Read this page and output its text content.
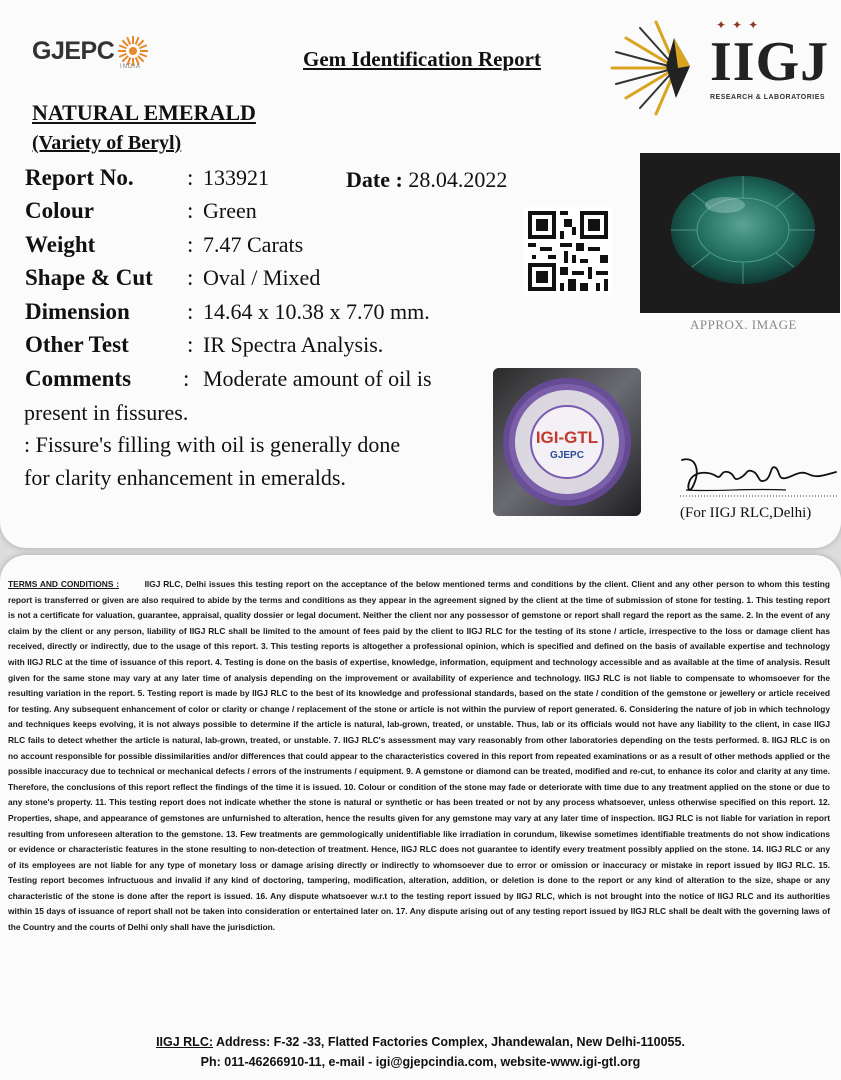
GJEPC
INDIA	Gem Identification Report
✦✦✦
IIGJ
RESEARCH & LABORATORIES
NATURAL EMERALD
(Variety of Beryl)
Report No. : 133921	Date : 28.04.2022
Colour	: Green
Weight	: 7.47 Carats
Shape & Cut : Oval / Mixed
Dimension : 14.64 x 10.38 x 7.70 mm.
Other Test	: IR Spectra Analysis.
Comments : Moderate amount of oil is
present in fissures.
: Fissure's filling with oil is generally done
for clarity enhancement in emeralds.
APPROX. IMAGE
IGI-GTL
GJEPC
(For IIGJ RLC,Delhi)
TERMS AND CONDITIONS :	IIGJ RLC, Delhi issues this testing report on the acceptance of the below mentioned terms and conditions by the client. Client and any other person to whom this testing report is transferred or given are also required to abide by the terms and conditions as they appear in the agreement signed by the client at the time of submission of stone for testing. 1. This testing report is not a certificate for valuation, guarantee, appraisal, quality dossier or legal document. Neither the client nor any possessor of gemstone or report shall regard the report as the same. 2. In the event of any claim by the client or any person, liability of IIGJ RLC shall be limited to the amount of fees paid by the client to IIGJ RLC for the testing of its stone / article, irrespective to the loss or damage client has received, directly or indirectly, due to the usage of this report. 3. This testing reports is altogether a professional opinion, which is specified and defined on the basis of available expertise and technology with IIGJ RLC at the time of issuance of this report. 4. Testing is done on the basis of expertise, knowledge, information, equipment and technology accessible and as available at the time of analysis. Result given for the same stone may vary at any later time of analysis depending on the improvement or availability of experience and technology. IIGJ RLC is not liable to compensate to whomsoever for the resulting variation in the report. 5. Testing report is made by IIGJ RLC to the best of its knowledge and professional standards, based on the state / condition of the gemstone or jewellery or article received for testing. Any subsequent enhancement of color or clarity or change / replacement of the stone or article is not within the purview of report generated. 6. Considering the nature of job in which technology and techniques keeps evolving, it is not always possible to determine if the article is natural, lab-grown, treated, or unstable. Thus, lab or its officials would not have any liability to the client, in case IIGJ RLC fails to detect whether the article is natural, lab-grown, treated, or unstable. 7. IIGJ RLC's assessment may vary reasonably from other laboratories depending on the tests performed. 8. IIGJ RLC is on no account responsible for possible dissimilarities and/or differences that could appear to the characteristics covered in this report from repeated examinations or as a result of other methods applied or the possible inaccuracy due to technical or mechanical defects / errors of the instruments / equipment. 9. A gemstone or diamond can be treated, modified and re-cut, to enhance its color and clarity at any time. Therefore, the conclusions of this report reflect the findings of the time it is issued. 10. Colour or condition of the stone may fade or deteriorate with time due to any treatment applied on the stone or due to any stone's property. 11. This testing report does not indicate whether the stone is natural or synthetic or has been treated or not by any process whatsoever, unless otherwise specified on this report. 12. Properties, shape, and appearance of gemstones are unfurnished to alteration, hence the results given for any gemstone may vary at any later time of inspection. IIGJ RLC is not liable for variation in report resulting from unforeseen alteration to the gemstone. 13. Few treatments are gemmologically unidentifiable like irradiation in corundum, likewise sometimes identifiable treatments do not show indications or evidence or characteristic features in the stone resulting to non-detection of treatment. Hence, IIGJ RLC does not guarantee to identify every treatment possibly applied on the stone. 14. IIGJ RLC or any of its employees are not liable for any type of monetary loss or damage arising directly or indirectly to whomsoever due to error or omission or inaccuracy or mistake in report issued by IIGJ RLC. 15. Testing report becomes infructuous and invalid if any kind of doctoring, tampering, modification, alteration, addition, or deletion is done to the report or any kind of alteration to the size, shape or any characteristic of the stone is done after the report is issued. 16. Any dispute whatsoever w.r.t to the testing report issued by IIGJ RLC, which is not brought into the notice of IIGJ RLC and its authorities within 15 days of issuance of report shall not be taken into consideration or entertained later on. 17. Any dispute arising out of any testing report issued by IIGJ RLC shall be dealt with the governing laws of the Country and the courts of Delhi only shall have the jurisdiction.
IIGJ RLC: Address: F-32 -33, Flatted Factories Complex, Jhandewalan, New Delhi-110055.
Ph: 011-46266910-11, e-mail - igi@gjepcindia.com, website-www.igi-gtl.org
